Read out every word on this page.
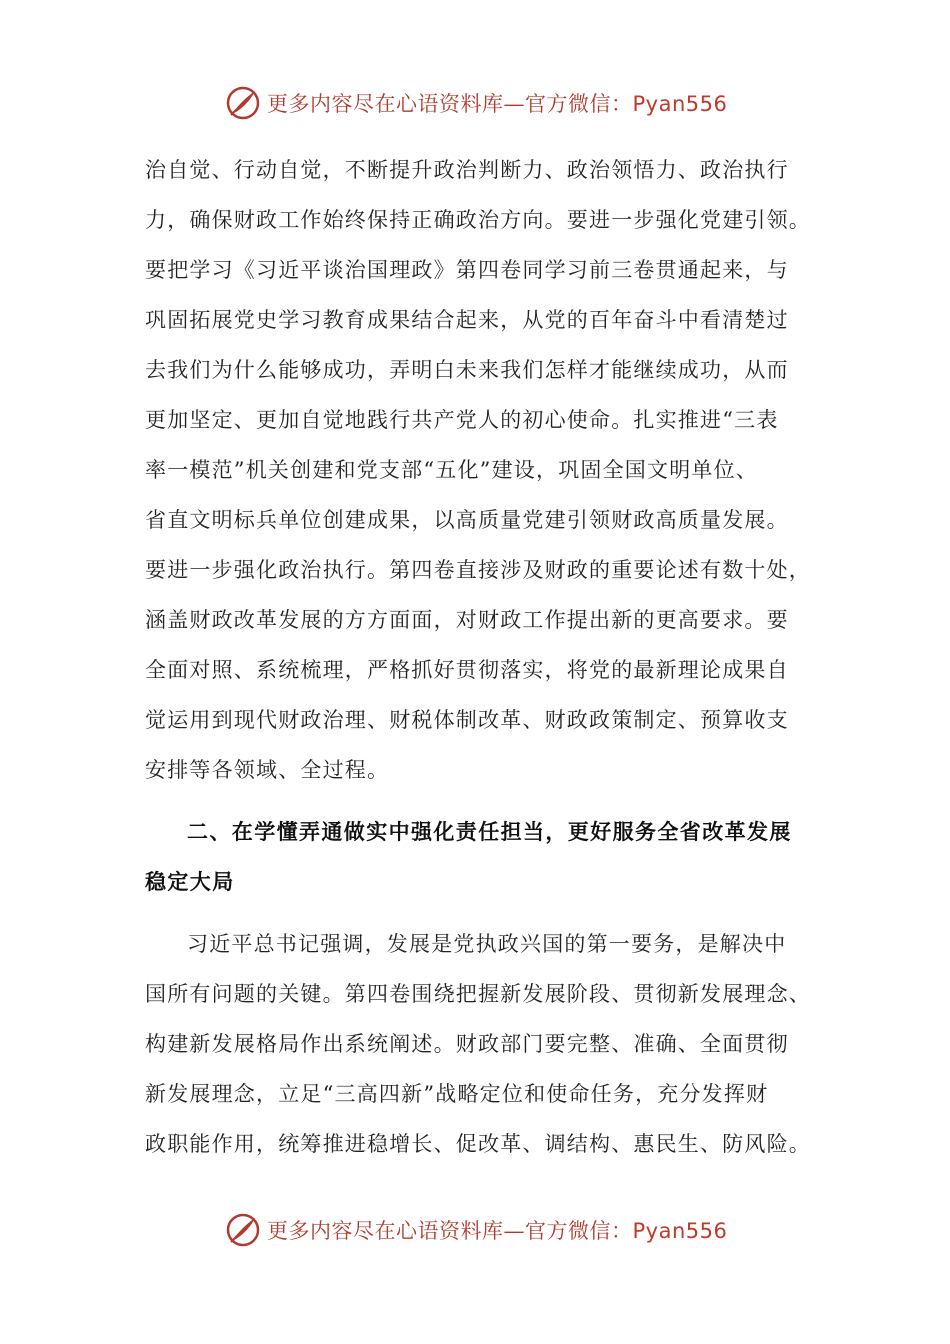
更多内容尽在心语资料库—官方微信：Pyan556
治自觉、行动自觉，不断提升政治判断力、政治领悟力、政治执行
力，确保财政工作始终保持正确政治方向。要进一步强化党建引领。
要把学习《习近平谈治国理政》第四卷同学习前三卷贯通起来，与
巩固拓展党史学习教育成果结合起来，从党的百年奋斗中看清楚过
去我们为什么能够成功，弄明白未来我们怎样才能继续成功，从而
更加坚定、更加自觉地践行共产党人的初心使命。扎实推进“三表
率一模范”机关创建和党支部“五化”建设，巩固全国文明单位、
省直文明标兵单位创建成果，以高质量党建引领财政高质量发展。
要进一步强化政治执行。第四卷直接涉及财政的重要论述有数十处，
涵盖财政改革发展的方方面面，对财政工作提出新的更高要求。要
全面对照、系统梳理，严格抓好贯彻落实，将党的最新理论成果自
觉运用到现代财政治理、财税体制改革、财政政策制定、预算收支
安排等各领域、全过程。
二、在学懂弄通做实中强化责任担当，更好服务全省改革发展
稳定大局
习近平总书记强调，发展是党执政兴国的第一要务，是解决中
国所有问题的关键。第四卷围绕把握新发展阶段、贯彻新发展理念、
构建新发展格局作出系统阐述。财政部门要完整、准确、全面贯彻
新发展理念，立足“三高四新”战略定位和使命任务，充分发挥财
政职能作用，统筹推进稳增长、促改革、调结构、惠民生、防风险。
更多内容尽在心语资料库—官方微信：Pyan556
